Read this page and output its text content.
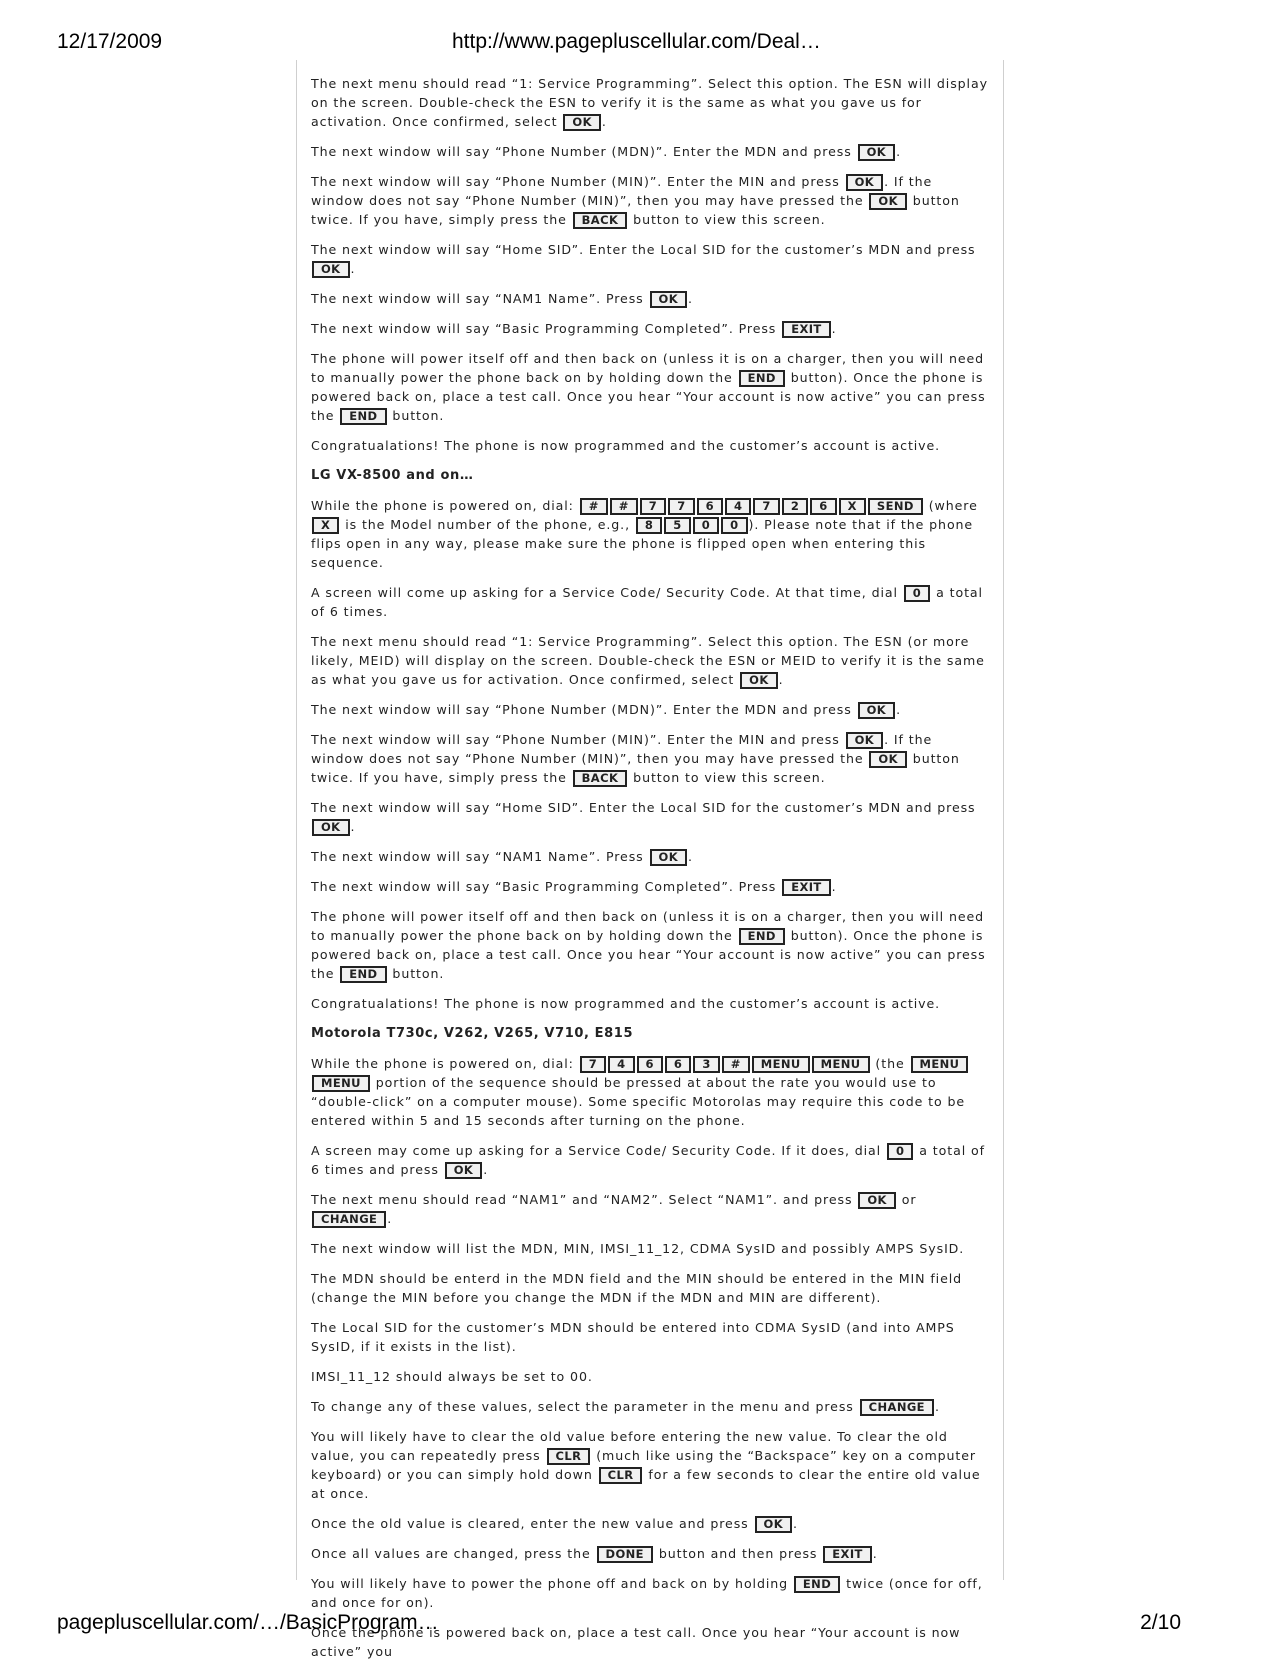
12/17/2009	http://www.pagepluscellular.com/Deal…

The next menu should read “1: Service Programming”. Select this option. The ESN will display on the screen. Double-check the ESN to verify it is the same as what you gave us for activation. Once confirmed, select OK .

The next window will say “Phone Number (MDN)”. Enter the MDN and press OK .

The next window will say “Phone Number (MIN)”. Enter the MIN and press OK . If the window does not say “Phone Number (MIN)”, then you may have pressed the OK button twice. If you have, simply press the BACK button to view this screen.

The next window will say “Home SID”. Enter the Local SID for the customer’s MDN and press OK .

The next window will say “NAM1 Name”. Press OK .

The next window will say “Basic Programming Completed”. Press EXIT .

The phone will power itself off and then back on (unless it is on a charger, then you will need to manually power the phone back on by holding down the END button). Once the phone is powered back on, place a test call. Once you hear “Your account is now active” you can press the END button.

Congratualations! The phone is now programmed and the customer’s account is active.

LG VX-8500 and on…

While the phone is powered on, dial: # # 7 7 6 4 7 2 6 X SEND (where X is the Model number of the phone, e.g., 8 5 0 0 ). Please note that if the phone flips open in any way, please make sure the phone is flipped open when entering this sequence.

A screen will come up asking for a Service Code/ Security Code. At that time, dial 0 a total of 6 times.

The next menu should read “1: Service Programming”. Select this option. The ESN (or more likely, MEID) will display on the screen. Double-check the ESN or MEID to verify it is the same as what you gave us for activation. Once confirmed, select OK .

The next window will say “Phone Number (MDN)”. Enter the MDN and press OK .

The next window will say “Phone Number (MIN)”. Enter the MIN and press OK . If the window does not say “Phone Number (MIN)”, then you may have pressed the OK button twice. If you have, simply press the BACK button to view this screen.

The next window will say “Home SID”. Enter the Local SID for the customer’s MDN and press OK .

The next window will say “NAM1 Name”. Press OK .

The next window will say “Basic Programming Completed”. Press EXIT .

The phone will power itself off and then back on (unless it is on a charger, then you will need to manually power the phone back on by holding down the END button). Once the phone is powered back on, place a test call. Once you hear “Your account is now active” you can press the END button.

Congratualations! The phone is now programmed and the customer’s account is active.

Motorola T730c, V262, V265, V710, E815

While the phone is powered on, dial: 7 4 6 6 3 # MENU MENU (the MENUMENU portion of the sequence should be pressed at about the rate you would use to “double-click” on a computer mouse). Some specific Motorolas may require this code to be entered within 5 and 15 seconds after turning on the phone.

A screen may come up asking for a Service Code/ Security Code. If it does, dial 0 a total of 6 times and press OK .

The next menu should read “NAM1” and “NAM2”. Select “NAM1”. and press OK or CHANGE .

The next window will list the MDN, MIN, IMSI_11_12, CDMA SysID and possibly AMPS SysID.

The MDN should be enterd in the MDN field and the MIN should be entered in the MIN field (change the MIN before you change the MDN if the MDN and MIN are different).

The Local SID for the customer’s MDN should be entered into CDMA SysID (and into AMPS SysID, if it exists in the list).

IMSI_11_12 should always be set to 00.

To change any of these values, select the parameter in the menu and press CHANGE .

You will likely have to clear the old value before entering the new value. To clear the old value, you can repeatedly press CLR (much like using the “Backspace” key on a computer keyboard) or you can simply hold down CLR for a few seconds to clear the entire old value at once.

Once the old value is cleared, enter the new value and press OK .

Once all values are changed, press the DONE button and then press EXIT .

You will likely have to power the phone off and back on by holding END twice (once for off, and once for on).

Once the phone is powered back on, place a test call. Once you hear “Your account is now active” you

pagepluscellular.com/…/BasicProgram…	2/10
